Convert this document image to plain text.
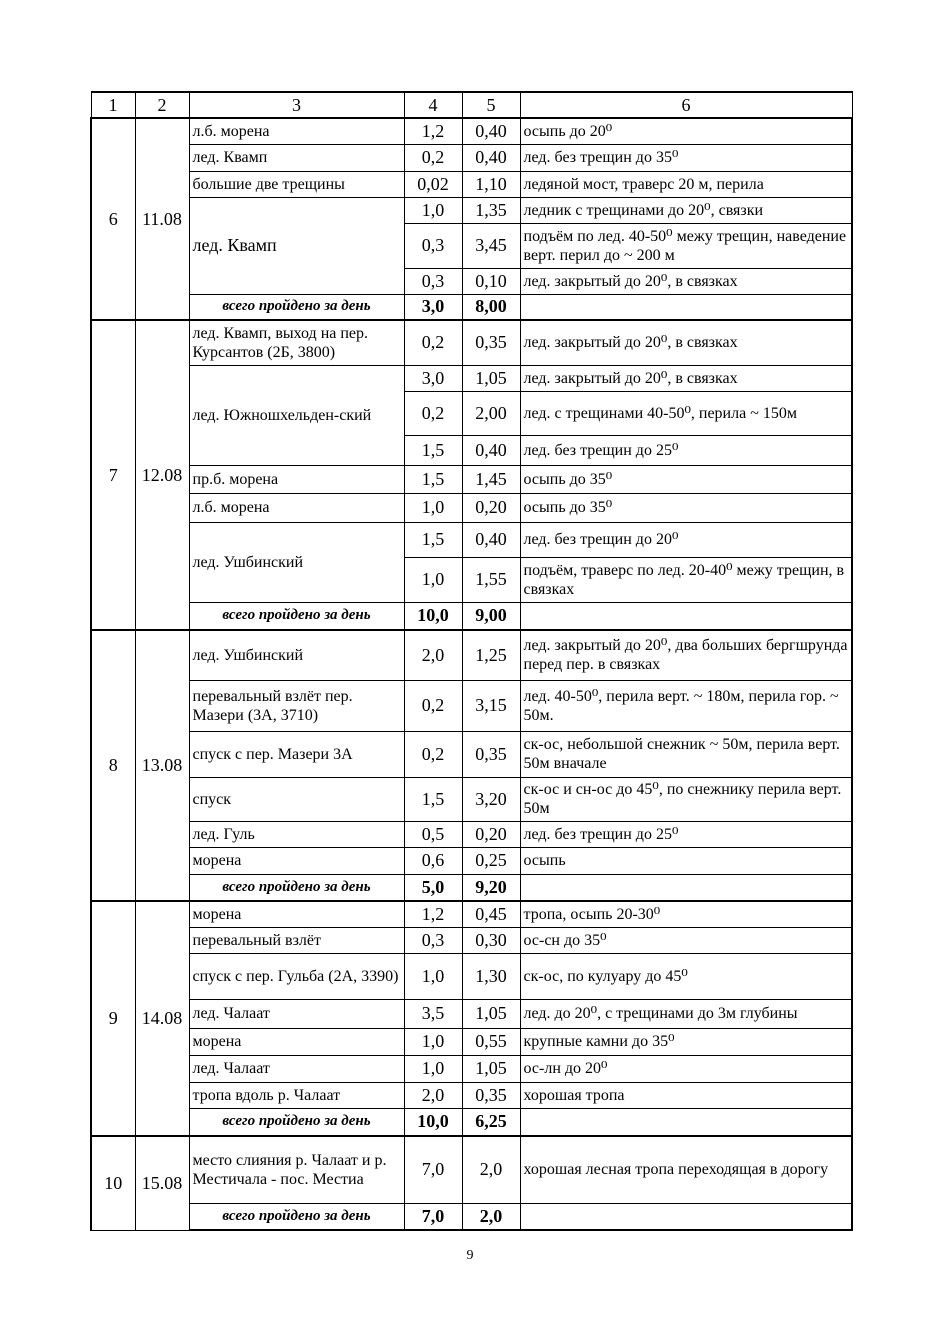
1	2	3	4	5	6
6	11.08	л.б. морена	1,2	0,40	осыпь до 20⁰
		лед. Квамп	0,2	0,40	лед. без трещин до 35⁰
		большие две трещины	0,02	1,10	ледяной мост, траверс 20 м, перила
		лед. Квамп	1,0	1,35	ледник с трещинами до 20⁰, связки
			0,3	3,45	подъём по лед. 40-50⁰ межу трещин, наведение верт. перил до ~ 200 м
			0,3	0,10	лед. закрытый до 20⁰, в связках
		всего пройдено за день	3,0	8,00	
7	12.08	лед. Квамп, выход на пер. Курсантов (2Б, 3800)	0,2	0,35	лед. закрытый до 20⁰, в связках
		лед. Южношхельден-ский	3,0	1,05	лед. закрытый до 20⁰, в связках
			0,2	2,00	лед. с трещинами 40-50⁰, перила ~ 150м
			1,5	0,40	лед. без трещин до 25⁰
		пр.б. морена	1,5	1,45	осыпь до 35⁰
		л.б. морена	1,0	0,20	осыпь до 35⁰
		лед. Ушбинский	1,5	0,40	лед. без трещин до 20⁰
			1,0	1,55	подъём, траверс по лед. 20-40⁰ межу трещин, в связках
		всего пройдено за день	10,0	9,00	
8	13.08	лед. Ушбинский	2,0	1,25	лед. закрытый до 20⁰, два больших бергшрунда перед пер. в связках
		перевальный взлёт пер. Мазери (3А, 3710)	0,2	3,15	лед. 40-50⁰, перила верт. ~ 180м, перила гор. ~ 50м.
		спуск с пер. Мазери 3А	0,2	0,35	ск-ос, небольшой снежник ~ 50м, перила верт. 50м вначале
		спуск	1,5	3,20	ск-ос и сн-ос до 45⁰, по снежнику перила верт. 50м
		лед. Гуль	0,5	0,20	лед. без трещин до 25⁰
		морена	0,6	0,25	осыпь
		всего пройдено за день	5,0	9,20	
9	14.08	морена	1,2	0,45	тропа, осыпь 20-30⁰
		перевальный взлёт	0,3	0,30	ос-сн до 35⁰
		спуск с пер. Гульба (2А, 3390)	1,0	1,30	ск-ос, по кулуару до 45⁰
		лед. Чалаат	3,5	1,05	лед. до 20⁰, с трещинами до 3м глубины
		морена	1,0	0,55	крупные камни до 35⁰
		лед. Чалаат	1,0	1,05	ос-лн до 20⁰
		тропа вдоль р. Чалаат	2,0	0,35	хорошая тропа
		всего пройдено за день	10,0	6,25	
10	15.08	место слияния р. Чалаат и р. Местичала - пос. Местиа	7,0	2,0	хорошая лесная тропа переходящая в дорогу
		всего пройдено за день	7,0	2,0	
9
